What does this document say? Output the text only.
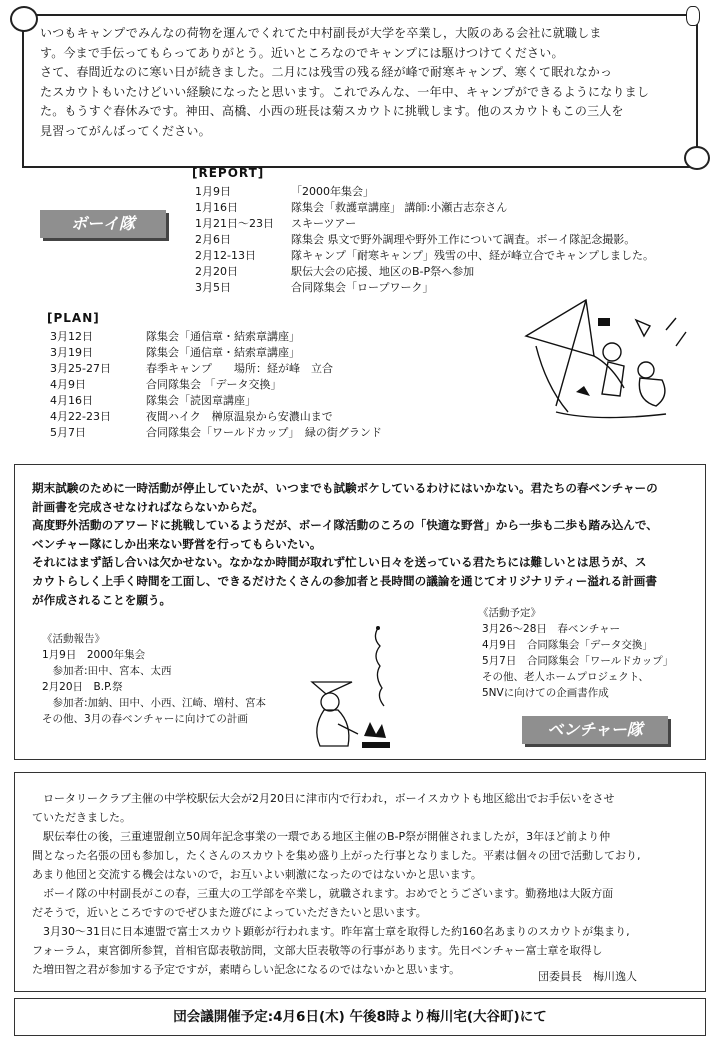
いつもキャンプでみんなの荷物を運んでくれてた中村副長が大学を卒業し，大阪のある会社に就職しま

す。今まで手伝ってもらってありがとう。近いところなのでキャンプには駆けつけてください。

さて、春間近なのに寒い日が続きました。二月には残雪の残る経が峰で耐寒キャンプ、寒くて眠れなかっ

たスカウトもいたけどいい経験になったと思います。これでみんな、一年中、キャンプができるようになりまし

た。もうすぐ春休みです。神田、高橋、小西の班長は菊スカウトに挑戦します。他のスカウトもこの三人を

見習ってがんばってください。

ボーイ隊
[REPORT]
1月9日	「2000年集会」
1月16日	隊集会「救護章講座」 講師:小瀬古志奈さん
1月21日～23日 スキーツアー
2月6日	隊集会 県文で野外調理や野外工作について調査。ボーイ隊記念撮影。
2月12-13日	隊キャンプ「耐寒キャンプ」残雪の中、経が峰立合でキャンプしました。
2月20日	駅伝大会の応援、地区のB-P祭へ参加
3月5日	合同隊集会「ロープワーク」
[PLAN]
3月12日	隊集会「通信章・結索章講座」
3月19日	隊集会「通信章・結索章講座」
3月25-27日	春季キャンプ　　場所：経が峰　立合
4月9日	合同隊集会 「データ交換」
4月16日	隊集会「読図章講座」
4月22-23日	夜間ハイク　榊原温泉から安濃山まで
5月7日	合同隊集会「ワールドカップ」　緑の街グランド

期末試験のために一時活動が停止していたが、いつまでも試験ボケしているわけにはいかない。君たちの春ベンチャーの

計画書を完成させなければならないからだ。

高度野外活動のアワードに挑戦しているようだが、ボーイ隊活動のころの「快適な野営」から一歩も二歩も踏み込んで、

ベンチャー隊にしか出来ない野営を行ってもらいたい。

それにはまず話し合いは欠かせない。なかなか時間が取れず忙しい日々を送っている君たちには難しいとは思うが、ス

カウトらしく上手く時間を工面し、できるだけたくさんの参加者と長時間の議論を通じてオリジナリティー溢れる計画書

が作成されることを願う。

《活動報告》
1月9日　2000年集会
　参加者:田中、宮本、太西
2月20日　B.P.祭
　参加者:加納、田中、小西、江崎、増村、宮本
その他、3月の春ベンチャーに向けての計画
《活動予定》
3月26～28日　春ベンチャー
4月9日　合同隊集会「データ交換」
5月7日　合同隊集会「ワールドカップ」
その他、老人ホームプロジェクト、
5NVに向けての企画書作成
ベンチャー隊

　ロータリークラブ主催の中学校駅伝大会が2月20日に津市内で行われ，ボーイスカウトも地区総出でお手伝いをさせ

ていただきました。

　駅伝奉仕の後，三重連盟創立50周年記念事業の一環である地区主催のB-P祭が開催されましたが，3年ほど前より仲

間となった名張の団も参加し，たくさんのスカウトを集め盛り上がった行事となりました。平素は個々の団で活動しており,

あまり他団と交流する機会はないので，お互いよい刺激になったのではないかと思います。

　ボーイ隊の中村副長がこの春，三重大の工学部を卒業し，就職されます。おめでとうございます。勤務地は大阪方面

だそうで，近いところですのでぜひまた遊びによっていただきたいと思います。

　3月30～31日に日本連盟で富士スカウト顕彰が行われます。昨年富士章を取得した約160名あまりのスカウトが集まり,

フォーラム，東宮御所参賀，首相官邸表敬訪問，文部大臣表敬等の行事があります。先日ベンチャー富士章を取得し

た増田智之君が参加する予定ですが，素晴らしい記念になるのではないかと思います。

団委員長　梅川逸人
団会議開催予定:4月6日(木) 午後8時より梅川宅(大谷町)にて
